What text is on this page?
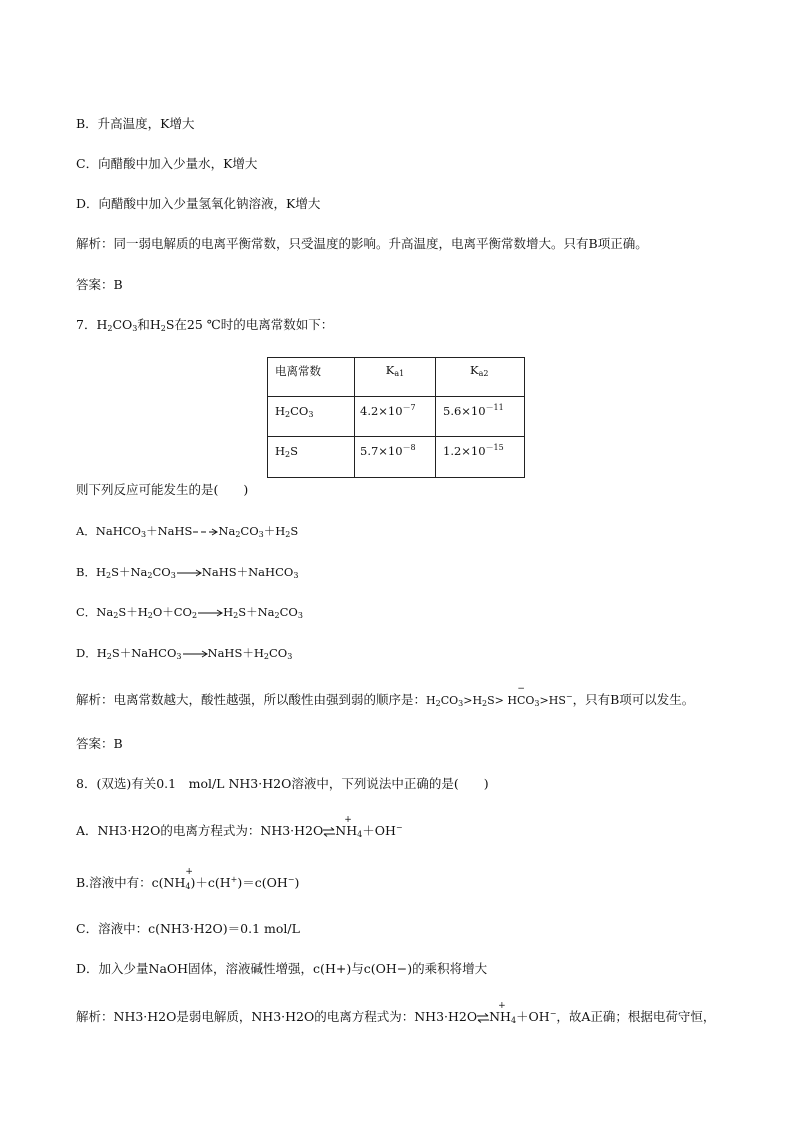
B．升高温度，K增大
C．向醋酸中加入少量水，K增大
D．向醋酸中加入少量氢氧化钠溶液，K增大
解析：同一弱电解质的电离平衡常数，只受温度的影响。升高温度，电离平衡常数增大。只有B项正确。
答案：B
7．$H_2CO_3$和$H_2S$在25 ℃时的电离常数如下：
电离常数	$K_{a1}$	$K_{a2}$
$H_2CO_3$	$4.2\times 10^{-7}$	$5.6\times 10^{-11}$
$H_2S$	$5.7\times 10^{-8}$	$1.2\times 10^{-15}$
则下列反应可能发生的是(　　)
A．NaHCO$_3$＋NaHS $Na_2CO_3+H_2S$
B．$H_2S+Na_2CO_3\to NaHS+NaHCO_3$
C．$Na_2S+H_2O+CO_2\to H_2S+Na_2CO_3$
D．$H_2S+NaHCO_3\to NaHS+H_2CO_3$
解析：电离常数越大，酸性越强，所以酸性由强到弱的顺序是：$H_2CO_3>H_2S> HCO_3$
−
>HS−，只有B项可以发生。
答案：B
8．(双选)有关0.1　mol/L NH3·H2O溶液中，下列说法中正确的是(　　)
A．NH3·H2O的电离方程式为：$NH3\cdot H2O\rightleftharpoons NH_4$
+
＋OH−
B.溶液中有：$c(NH_4$
+
)＋c(H+)＝c(OH−)
C．溶液中：c(NH3·H2O)＝0.1 mol/L
D．加入少量NaOH固体，溶液碱性增强，c(H+)与c(OH−)的乘积将增大
解析：NH3·H2O是弱电解质，NH3·H2O的电离方程式为：$NH3\cdot H2O\rightleftharpoons NH_4$
+
＋OH−，故A正确；根据电荷守恒，
